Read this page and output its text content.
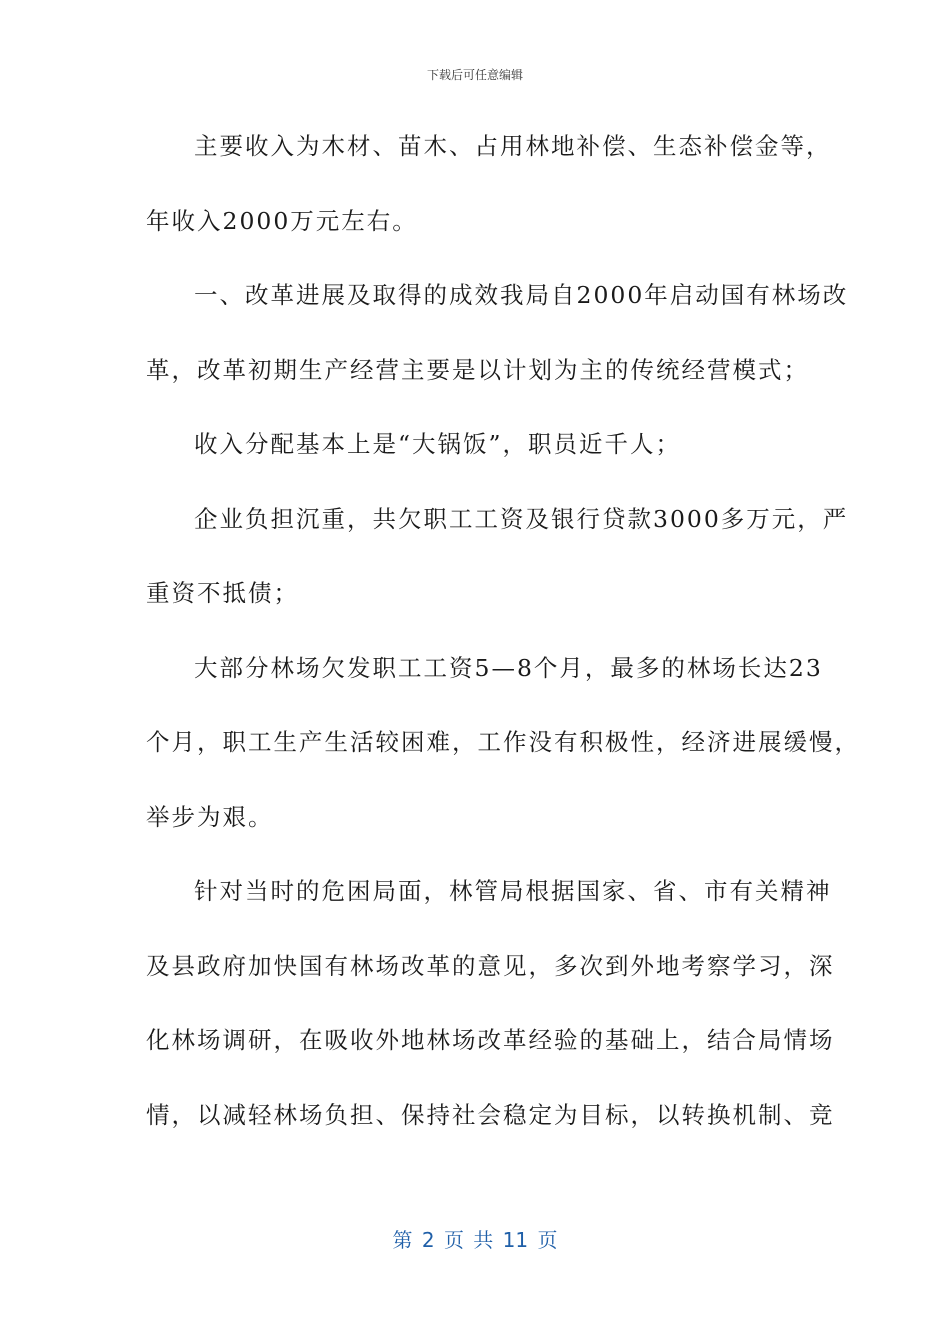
下载后可任意编辑
主要收入为木材、苗木、占用林地补偿、生态补偿金等，
年收入2000万元左右。
一、改革进展及取得的成效我局自2000年启动国有林场改
革，改革初期生产经营主要是以计划为主的传统经营模式；
收入分配基本上是“大锅饭”，职员近千人；
企业负担沉重，共欠职工工资及银行贷款3000多万元，严
重资不抵债；
大部分林场欠发职工工资5—8个月，最多的林场长达23
个月，职工生产生活较困难，工作没有积极性，经济进展缓慢，
举步为艰。
针对当时的危困局面，林管局根据国家、省、市有关精神
及县政府加快国有林场改革的意见，多次到外地考察学习，深
化林场调研，在吸收外地林场改革经验的基础上，结合局情场
情，以减轻林场负担、保持社会稳定为目标，以转换机制、竞
第 2 页 共 11 页
